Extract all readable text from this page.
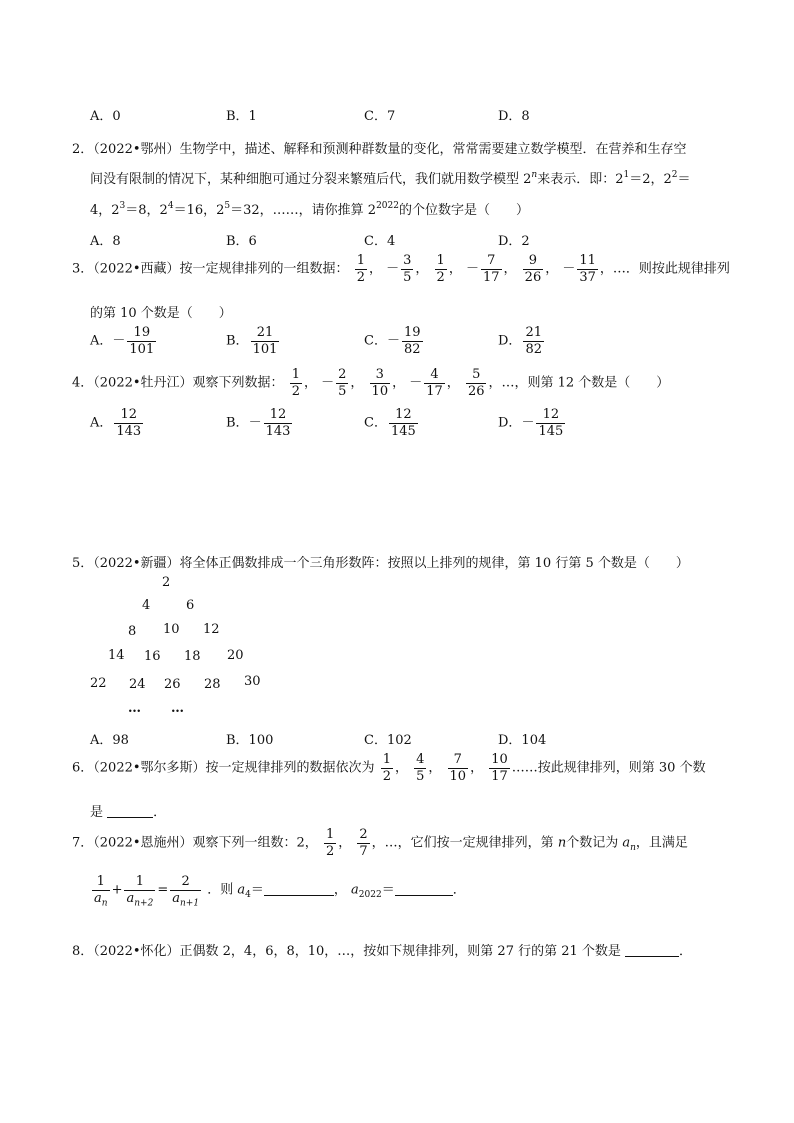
A．0	B．1	C．7	D．8
2．（2022•鄂州）生物学中，描述、解释和预测种群数量的变化，常常需要建立数学模型．在营养和生存空
间没有限制的情况下，某种细胞可通过分裂来繁殖后代，我们就用数学模型 2$^n$来表示．即：$2^1=2$，$2^2=$
4，$2^3=8$，$2^4=16$，$2^5=32$，……，请你推算 $2^{2022}$的个位数字是（　　）
A．8	B．6	C．4	D．2
3．（2022•西藏）按一定规律排列的一组数据： $\frac{1}{2}$ ， － $\frac{3}{5}$ ， $\frac{1}{2}$ ， － $\frac{7}{17}$ ， $\frac{9}{26}$ ， － $\frac{11}{37}$ ，…．则按此规律排列
的第 10 个数是（　　）
A．－ $\frac{19}{101}$	B． $\frac{21}{101}$	C．－ $\frac{19}{82}$	D． $\frac{21}{82}$
4．（2022•牡丹江）观察下列数据： $\frac{1}{2}$ ， － $\frac{2}{5}$ ， $\frac{3}{10}$ ， － $\frac{4}{17}$ ， $\frac{5}{26}$ ，…，则第 12 个数是（　　）
A． $\frac{12}{143}$	B．－ $\frac{12}{143}$	C． $\frac{12}{145}$	D．－ $\frac{12}{145}$
5．（2022•新疆）将全体正偶数排成一个三角形数阵：按照以上排列的规律，第 10 行第 5 个数是（　　）
2
4	6
8 10 12
14 16 18 20
22 24 26 28 30
… …
A．98	B．100	C．102	D．104
6．（2022•鄂尔多斯）按一定规律排列的数据依次为 $\frac{1}{2}$ ， $\frac{4}{5}$ ， $\frac{7}{10}$ ， $\frac{10}{17}$ ……按此规律排列，则第 30 个数
是	．
7．（2022•恩施州）观察下列一组数：2， $\frac{1}{2}$ ， $\frac{2}{7}$ ，…，它们按一定规律排列，第 n个数记为 $a_n$，且满足
$\frac{1}{a_n} + \frac{1}{a_{n+2}} = \frac{2}{a_{n+1}}$ ．则 $a_4=$	， $a_{2022}=$	．
8．（2022•怀化）正偶数 2，4，6，8，10，…，按如下规律排列，则第 27 行的第 21 个数是	．
